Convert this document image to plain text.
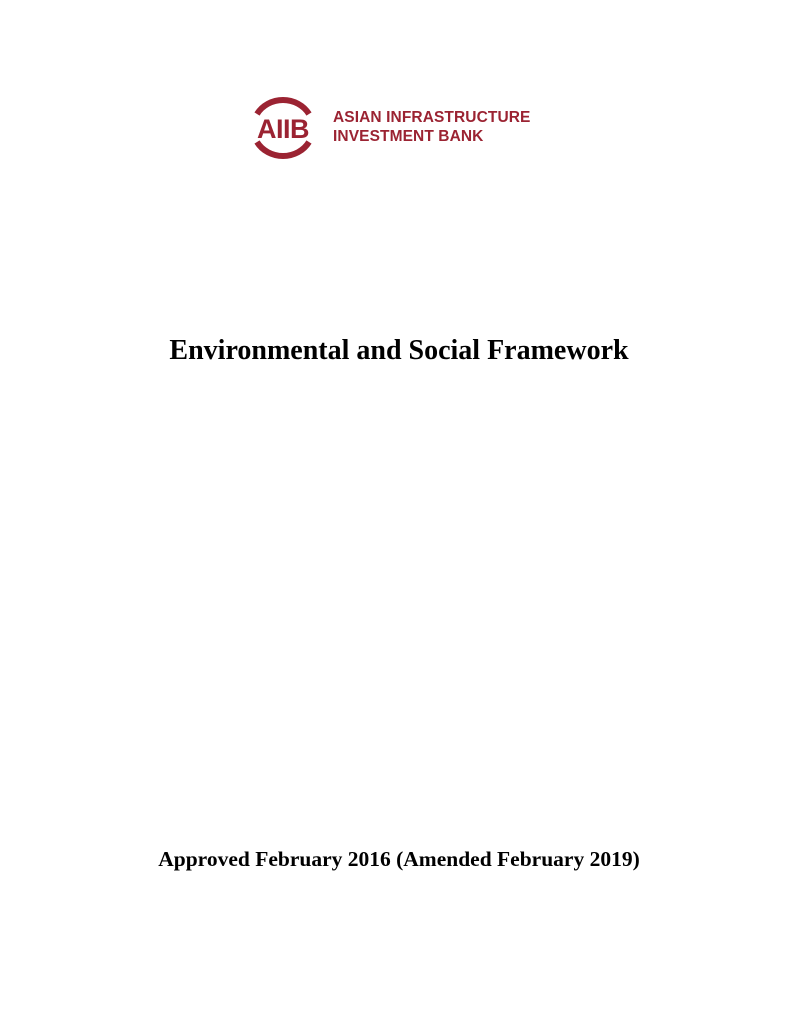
AIIB ASIAN INFRASTRUCTURE
INVESTMENT BANK
Environmental and Social Framework
Approved February 2016 (Amended February 2019)
